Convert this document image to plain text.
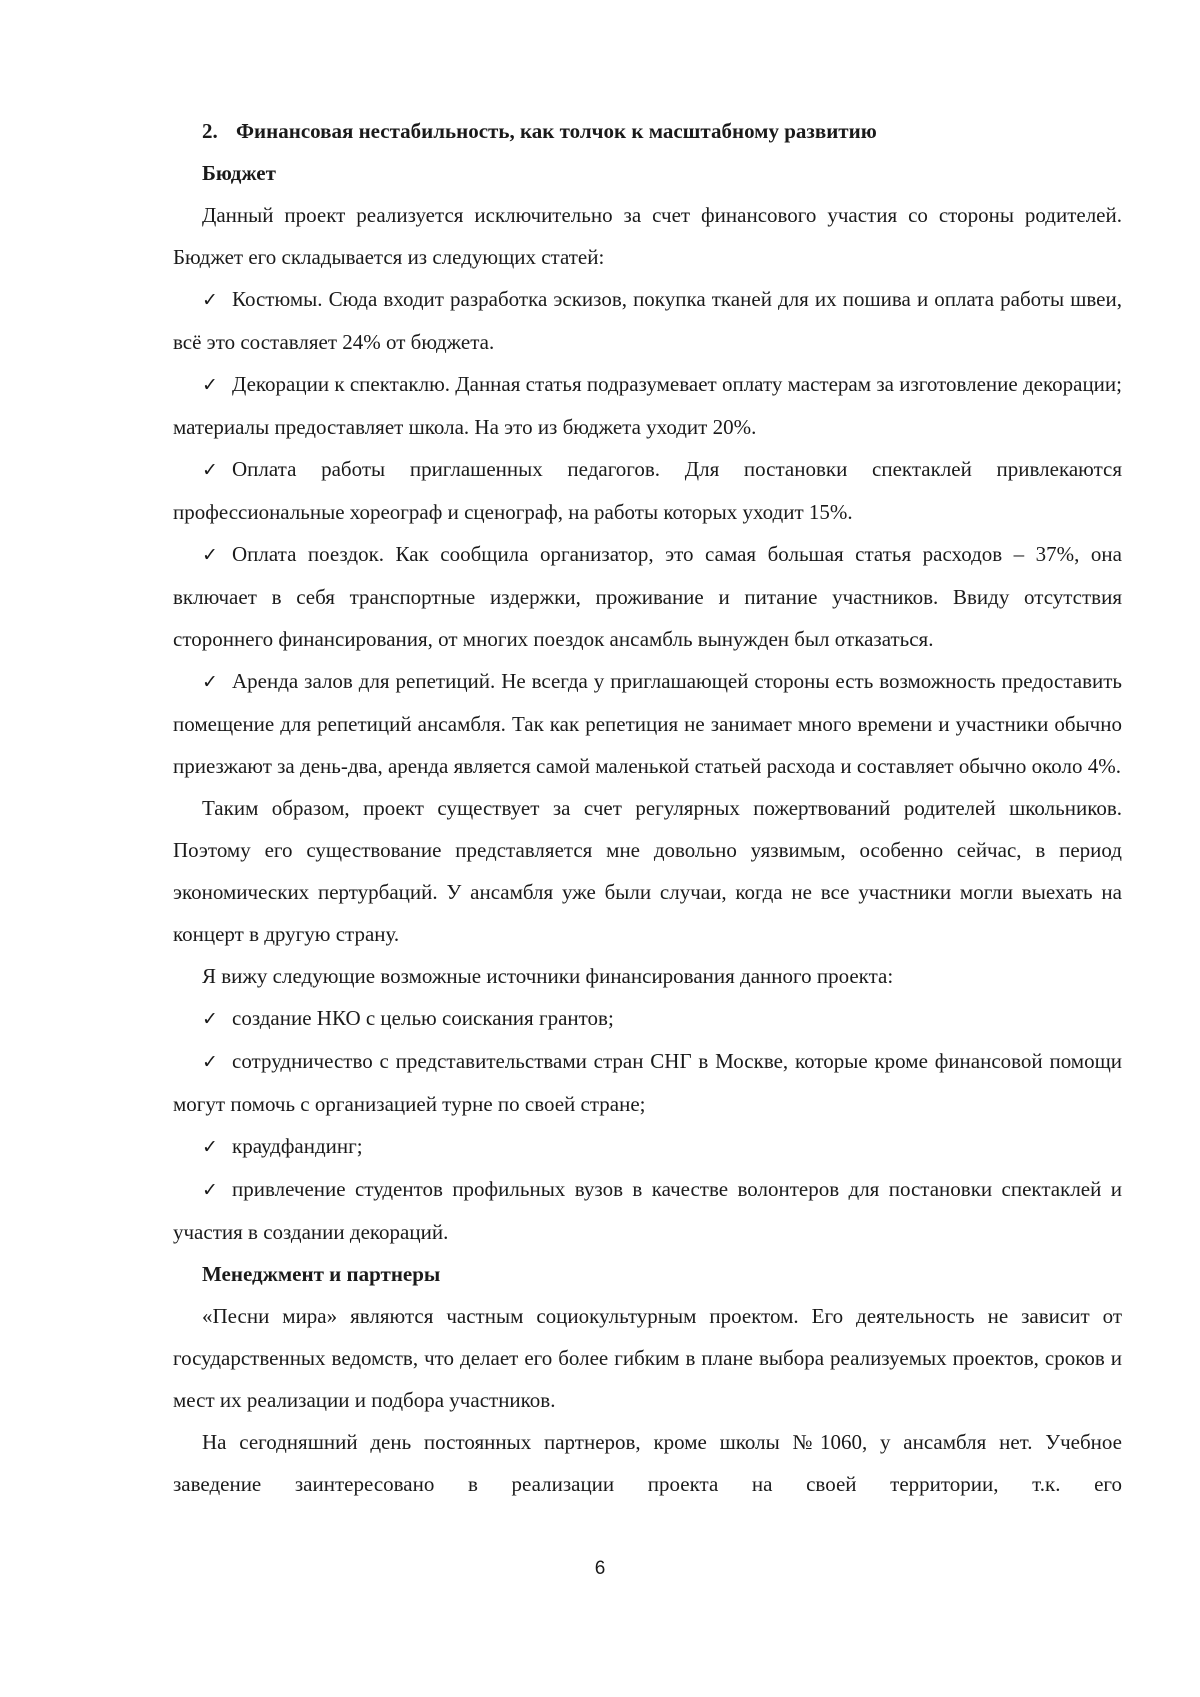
2. Финансовая нестабильность, как толчок к масштабному развитию
Бюджет

Данный проект реализуется исключительно за счет финансового участия со стороны родителей. Бюджет его складывается из следующих статей:

✓ Костюмы. Сюда входит разработка эскизов, покупка тканей для их пошива и оплата работы швеи, всё это составляет 24% от бюджета.

✓ Декорации к спектаклю. Данная статья подразумевает оплату мастерам за изготовление декорации; материалы предоставляет школа. На это из бюджета уходит 20%.

✓ Оплата работы приглашенных педагогов. Для постановки спектаклей привлекаются профессиональные хореограф и сценограф, на работы которых уходит 15%.

✓ Оплата поездок. Как сообщила организатор, это самая большая статья расходов – 37%, она включает в себя транспортные издержки, проживание и питание участников. Ввиду отсутствия стороннего финансирования, от многих поездок ансамбль вынужден был отказаться.

✓ Аренда залов для репетиций. Не всегда у приглашающей стороны есть возможность предоставить помещение для репетиций ансамбля. Так как репетиция не занимает много времени и участники обычно приезжают за день-два, аренда является самой маленькой статьей расхода и составляет обычно около 4%.

Таким образом, проект существует за счет регулярных пожертвований родителей школьников. Поэтому его существование представляется мне довольно уязвимым, особенно сейчас, в период экономических пертурбаций. У ансамбля уже были случаи, когда не все участники могли выехать на концерт в другую страну.

Я вижу следующие возможные источники финансирования данного проекта:

✓ создание НКО с целью соискания грантов;

✓ сотрудничество с представительствами стран СНГ в Москве, которые кроме финансовой помощи могут помочь с организацией турне по своей стране;

✓ краудфандинг;

✓ привлечение студентов профильных вузов в качестве волонтеров для постановки спектаклей и участия в создании декораций.

Менеджмент и партнеры

«Песни мира» являются частным социокультурным проектом. Его деятельность не зависит от государственных ведомств, что делает его более гибким в плане выбора реализуемых проектов, сроков и мест их реализации и подбора участников.

На сегодняшний день постоянных партнеров, кроме школы №1060, у ансамбля нет. Учебное заведение заинтересовано в реализации проекта на своей территории, т.к. его

6
